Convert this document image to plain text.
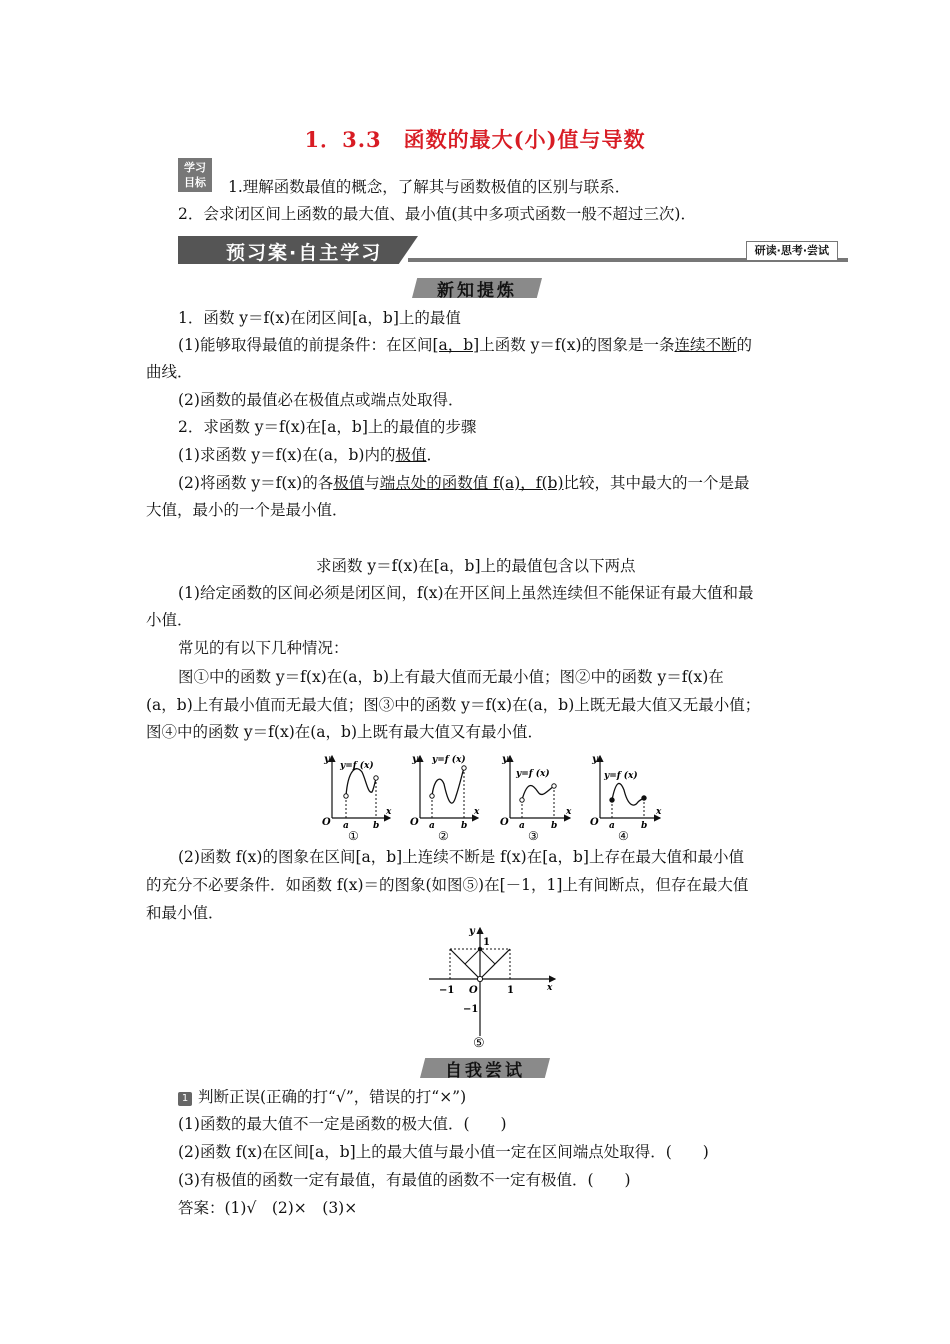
1．3.3　函数的最大(小)值与导数
学习
目标	1.理解函数最值的概念，了解其与函数极值的区别与联系．
2．会求闭区间上函数的最大值、最小值(其中多项式函数一般不超过三次)．
预习案·自主学习	研读·思考·尝试
新知提炼
1．函数 y＝f(x)在闭区间[a，b]上的最值
(1)能够取得最值的前提条件：在区间[a，b]上函数 y＝f(x)的图象是一条连续不断的
曲线．
(2)函数的最值必在极值点或端点处取得．
2．求函数 y＝f(x)在[a，b]上的最值的步骤
(1)求函数 y＝f(x)在(a，b)内的极值．
(2)将函数 y＝f(x)的各极值与端点处的函数值 f(a)，f(b)比较，其中最大的一个是最
大值，最小的一个是最小值．
求函数 y＝f(x)在[a，b]上的最值包含以下两点
(1)给定函数的区间必须是闭区间，f(x)在开区间上虽然连续但不能保证有最大值和最
小值．
常见的有以下几种情况：
图①中的函数 y＝f(x)在(a，b)上有最大值而无最小值；图②中的函数 y＝f(x)在
(a，b)上有最小值而无最大值；图③中的函数 y＝f(x)在(a，b)上既无最大值又无最小值；
图④中的函数 y＝f(x)在(a，b)上既有最大值又有最小值．
y
y=f (x)
O a	b
x
①
y y=f (x)
O a	b
x
②
y
y=f (x)
O a	b
x
③
y
y=f (x)
O a	b
x
④
(2)函数 f(x)的图象在区间[a，b]上连续不断是 f(x)在[a，b]上存在最大值和最小值
的充分不必要条件．如函数 f(x)＝的图象(如图⑤)在[－1，1]上有间断点，但存在最大值
和最小值．
y
1
−1 O	1	x
−1
⑤
自我尝试
1 判断正误(正确的打“√”，错误的打“×”)
(1)函数的最大值不一定是函数的极大值．(　　)
(2)函数 f(x)在区间[a，b]上的最大值与最小值一定在区间端点处取得．(　　)
(3)有极值的函数一定有最值，有最值的函数不一定有极值．(　　)
答案：(1)√　(2)×　(3)×
